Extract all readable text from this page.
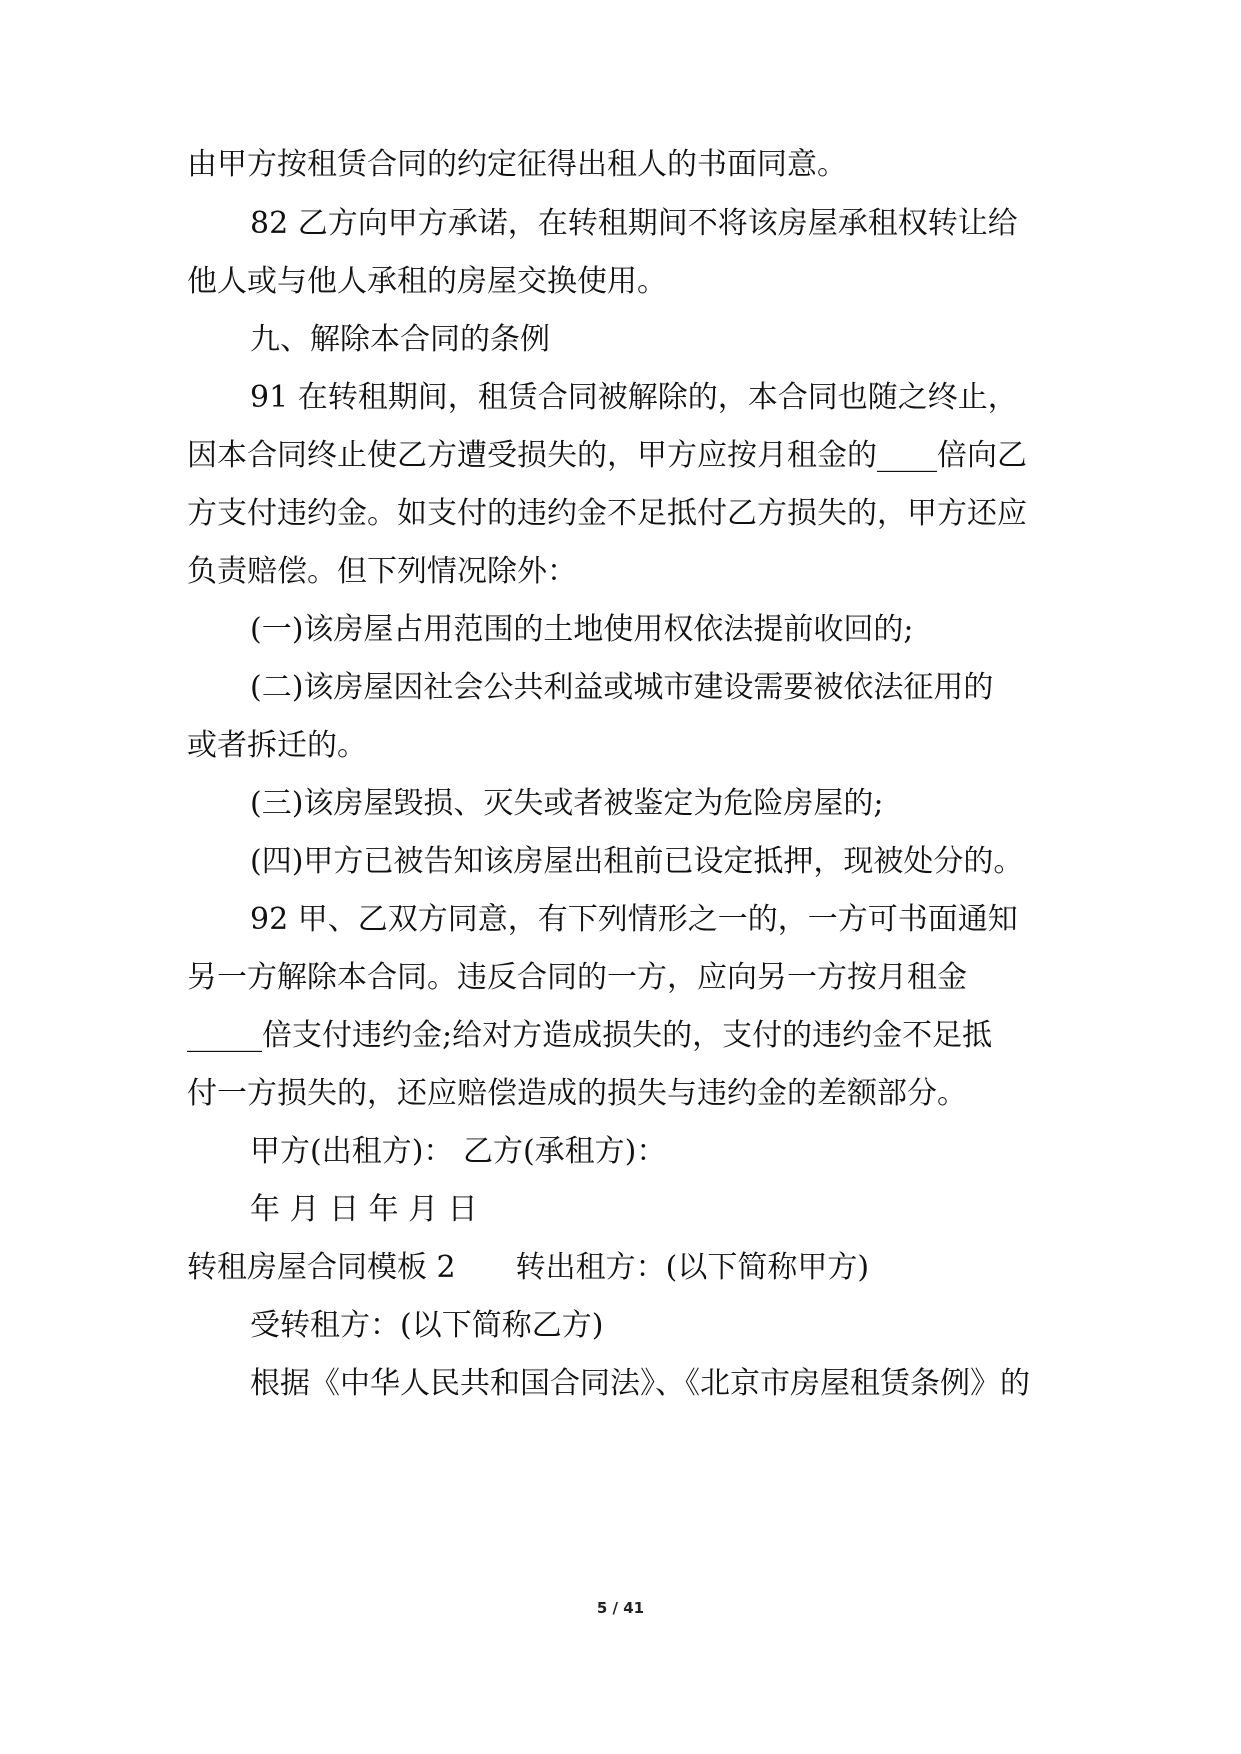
由甲方按租赁合同的约定征得出租人的书面同意。
82 乙方向甲方承诺，在转租期间不将该房屋承租权转让给
他人或与他人承租的房屋交换使用。
九、解除本合同的条例
91 在转租期间，租赁合同被解除的，本合同也随之终止，
因本合同终止使乙方遭受损失的，甲方应按月租金的____倍向乙
方支付违约金。如支付的违约金不足抵付乙方损失的，甲方还应
负责赔偿。但下列情况除外：
(一)该房屋占用范围的土地使用权依法提前收回的;
(二)该房屋因社会公共利益或城市建设需要被依法征用的
或者拆迁的。
(三)该房屋毁损、灭失或者被鉴定为危险房屋的;
(四)甲方已被告知该房屋出租前已设定抵押，现被处分的。
92 甲、乙双方同意，有下列情形之一的，一方可书面通知
另一方解除本合同。违反合同的一方，应向另一方按月租金
_____倍支付违约金;给对方造成损失的，支付的违约金不足抵
付一方损失的，还应赔偿造成的损失与违约金的差额部分。
甲方(出租方)： 乙方(承租方)：
年 月 日 年 月 日
转租房屋合同模板 2　　转出租方：(以下简称甲方)
受转租方：(以下简称乙方)
根据《中华人民共和国合同法》、《北京市房屋租赁条例》的
5 / 41
